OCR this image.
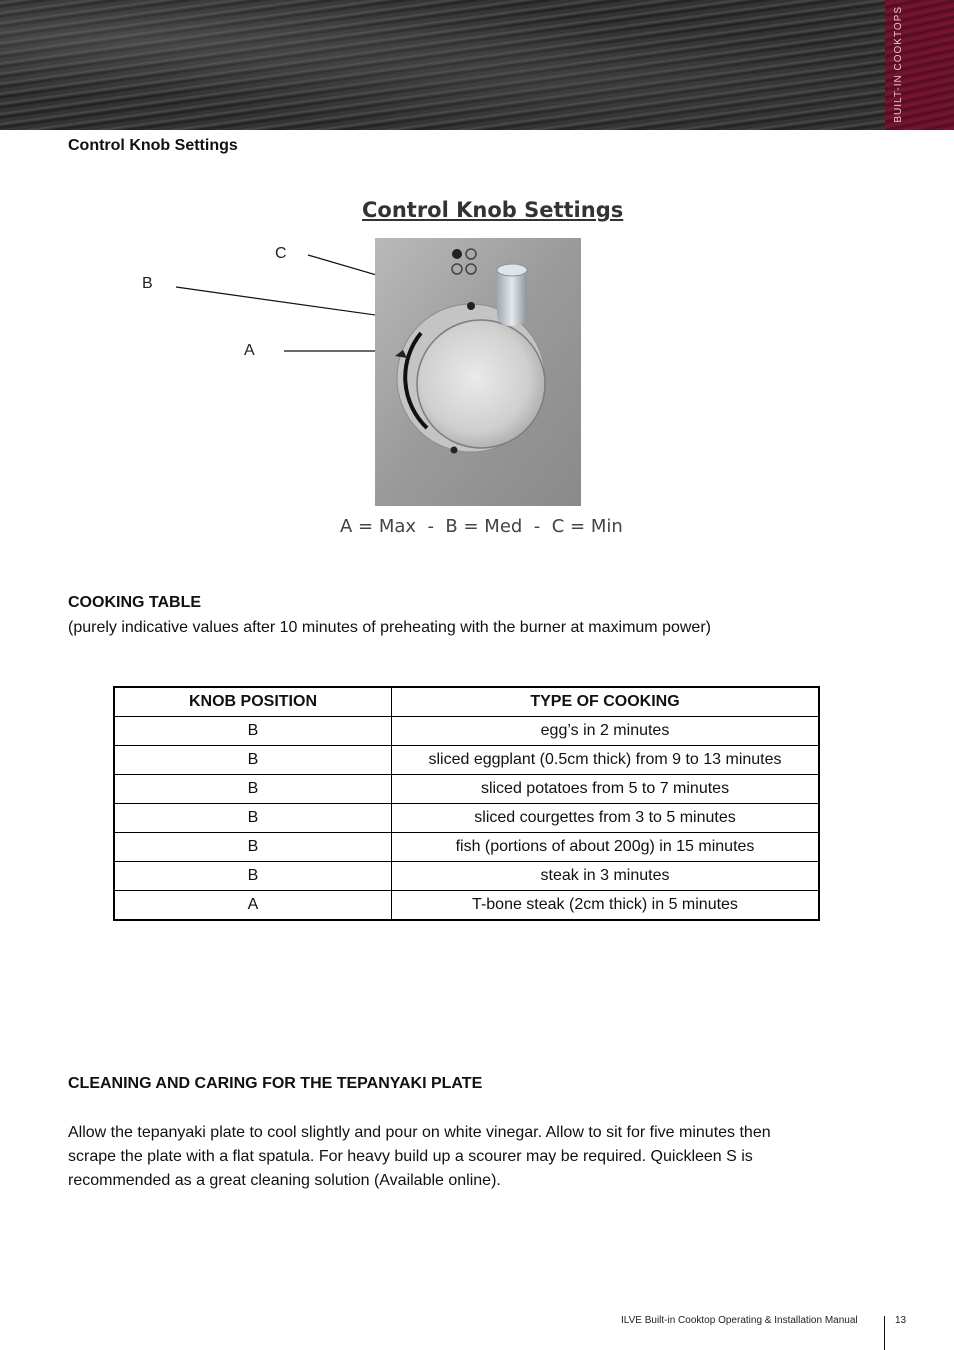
BUILT-IN COOKTOPS
Control Knob Settings
Control Knob Settings
C
B
A
A = Max  -  B = Med  -  C = Min
COOKING TABLE
(purely indicative values after 10 minutes of preheating with the burner at maximum power)
KNOB POSITION	TYPE OF COOKING
B	egg’s in 2 minutes
B	sliced eggplant (0.5cm thick) from 9 to 13 minutes
B	sliced potatoes from 5 to 7 minutes
B	sliced courgettes from 3 to 5 minutes
B	fish (portions of about 200g) in 15 minutes
B	steak in 3 minutes
A	T-bone steak (2cm thick) in 5 minutes
CLEANING AND CARING FOR THE TEPANYAKI PLATE
Allow the tepanyaki plate to cool slightly and pour on white vinegar. Allow to sit for five minutes then
scrape the plate with a flat spatula. For heavy build up a scourer may be required. Quickleen S is
recommended as a great cleaning solution (Available online).
ILVE Built-in Cooktop Operating & Installation Manual	13
